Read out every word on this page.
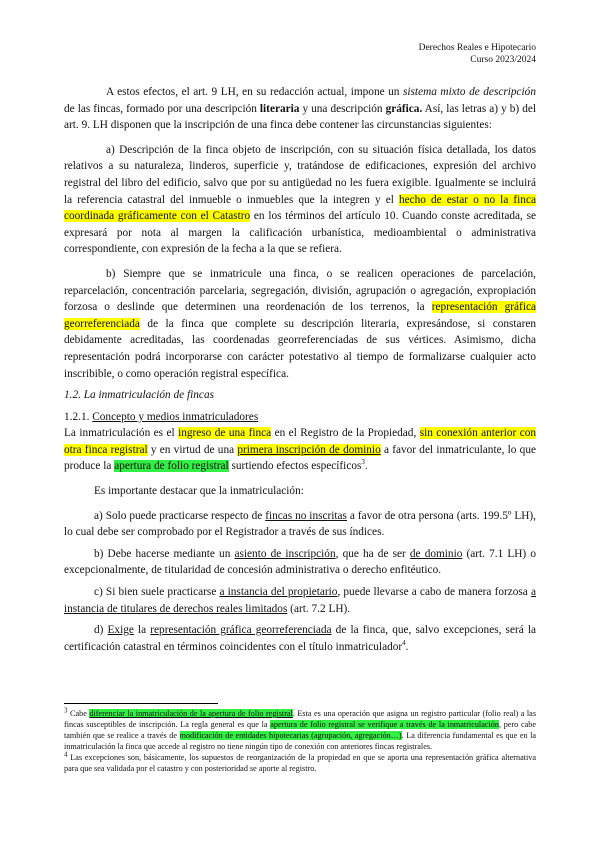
Derechos Reales e Hipotecario
Curso 2023/2024

A estos efectos, el art. 9 LH, en su redacción actual, impone un sistema mixto de descripción de las fincas, formado por una descripción literaria y una descripción gráfica. Así, las letras a) y b) del art. 9. LH disponen que la inscripción de una finca debe contener las circunstancias siguientes:

a) Descripción de la finca objeto de inscripción, con su situación física detallada, los datos relativos a su naturaleza, linderos, superficie y, tratándose de edificaciones, expresión del archivo registral del libro del edificio, salvo que por su antigüedad no les fuera exigible. Igualmente se incluirá la referencia catastral del inmueble o inmuebles que la integren y el hecho de estar o no la finca coordinada gráficamente con el Catastro en los términos del artículo 10. Cuando conste acreditada, se expresará por nota al margen la calificación urbanística, medioambiental o administrativa correspondiente, con expresión de la fecha a la que se refiera.

b) Siempre que se inmatricule una finca, o se realicen operaciones de parcelación, reparcelación, concentración parcelaria, segregación, división, agrupación o agregación, expropiación forzosa o deslinde que determinen una reordenación de los terrenos, la representación gráfica georreferenciada de la finca que complete su descripción literaria, expresándose, si constaren debidamente acreditadas, las coordenadas georreferenciadas de sus vértices. Asimismo, dicha representación podrá incorporarse con carácter potestativo al tiempo de formalizarse cualquier acto inscribible, o como operación registral específica.

1.2. La inmatriculación de fincas

1.2.1. Concepto y medios inmatriculadores

La inmatriculación es el ingreso de una finca en el Registro de la Propiedad, sin conexión anterior con otra finca registral y en virtud de una primera inscripción de dominio a favor del inmatriculante, lo que produce la apertura de folio registral surtiendo efectos específicos$^3$.

Es importante destacar que la inmatriculación:

a) Solo puede practicarse respecto de fincas no inscritas a favor de otra persona (arts. 199.5º LH), lo cual debe ser comprobado por el Registrador a través de sus índices.

b) Debe hacerse mediante un asiento de inscripción, que ha de ser de dominio (art. 7.1 LH) o excepcionalmente, de titularidad de concesión administrativa o derecho enfitéutico.

c) Si bien suele practicarse a instancia del propietario, puede llevarse a cabo de manera forzosa a instancia de titulares de derechos reales limitados (art. 7.2 LH).

d) Exige la representación gráfica georreferenciada de la finca, que, salvo excepciones, será la certificación catastral en términos coincidentes con el título inmatriculador$^4$.

$^3$ Cabe diferenciar la inmatriculación de la apertura de folio registral. Esta es una operación que asigna un registro particular (folio real) a las fincas susceptibles de inscripción. La regla general es que la apertura de folio registral se verifique a través de la inmatriculación, pero cabe también que se realice a través de modificación de entidades hipotecarias (agrupación, agregación…). La diferencia fundamental es que en la inmatriculación la finca que accede al registro no tiene ningún tipo de conexión con anteriores fincas registrales.

$^4$ Las excepciones son, básicamente, los supuestos de reorganización de la propiedad en que se aporta una representación gráfica alternativa para que sea validada por el catastro y con posterioridad se aporte al registro.
